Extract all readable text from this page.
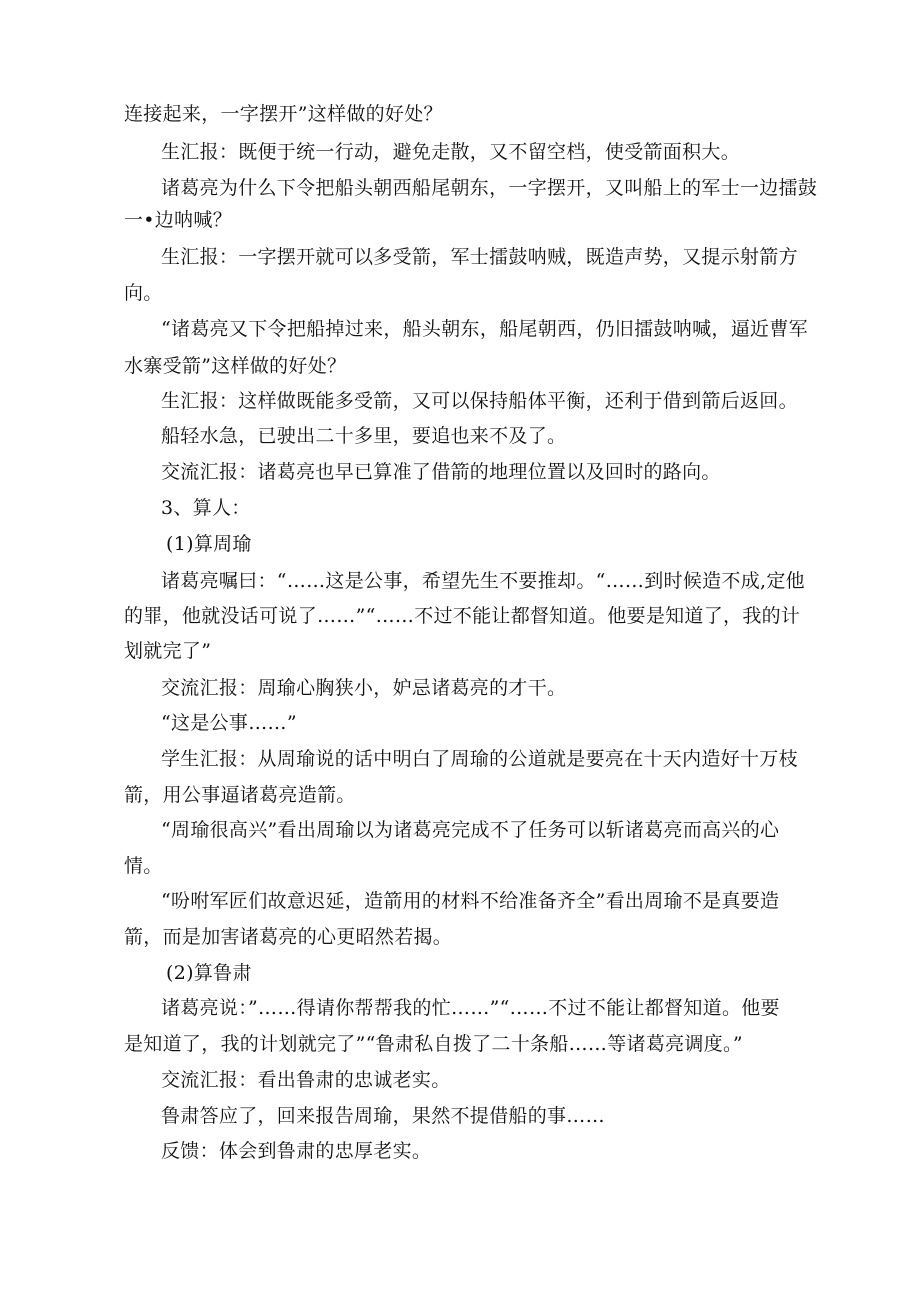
连接起来，一字摆开”这样做的好处？
生汇报：既便于统一行动，避免走散，又不留空档，使受箭面积大。
诸葛亮为什么下令把船头朝西船尾朝东，一字摆开，又叫船上的军士一边擂鼓
一•边呐喊？
生汇报：一字摆开就可以多受箭，军士擂鼓呐贼，既造声势，又提示射箭方
向。
“诸葛亮又下令把船掉过来，船头朝东，船尾朝西，仍旧擂鼓呐喊，逼近曹军
水寨受箭”这样做的好处？
生汇报：这样做既能多受箭，又可以保持船体平衡，还利于借到箭后返回。
船轻水急，已驶出二十多里，要追也来不及了。
交流汇报：诸葛亮也早已算准了借箭的地理位置以及回时的路向。
3、算人：
(1)算周瑜
诸葛亮嘱曰：“……这是公事，希望先生不要推却。“……到时候造不成,定他
的罪，他就没话可说了……”“……不过不能让都督知道。他要是知道了，我的计
划就完了”
交流汇报：周瑜心胸狭小，妒忌诸葛亮的才干。
“这是公事……”
学生汇报：从周瑜说的话中明白了周瑜的公道就是要亮在十天内造好十万枝
箭，用公事逼诸葛亮造箭。
“周瑜很高兴”看出周瑜以为诸葛亮完成不了任务可以斩诸葛亮而高兴的心
情。
“吩咐军匠们故意迟延，造箭用的材料不给准备齐全”看出周瑜不是真要造
箭，而是加害诸葛亮的心更昭然若揭。
(2)算鲁肃
诸葛亮说：”……得请你帮帮我的忙……”“……不过不能让都督知道。他要
是知道了，我的计划就完了”“鲁肃私自拨了二十条船……等诸葛亮调度。”
交流汇报：看出鲁肃的忠诚老实。
鲁肃答应了，回来报告周瑜，果然不提借船的事……
反馈：体会到鲁肃的忠厚老实。
